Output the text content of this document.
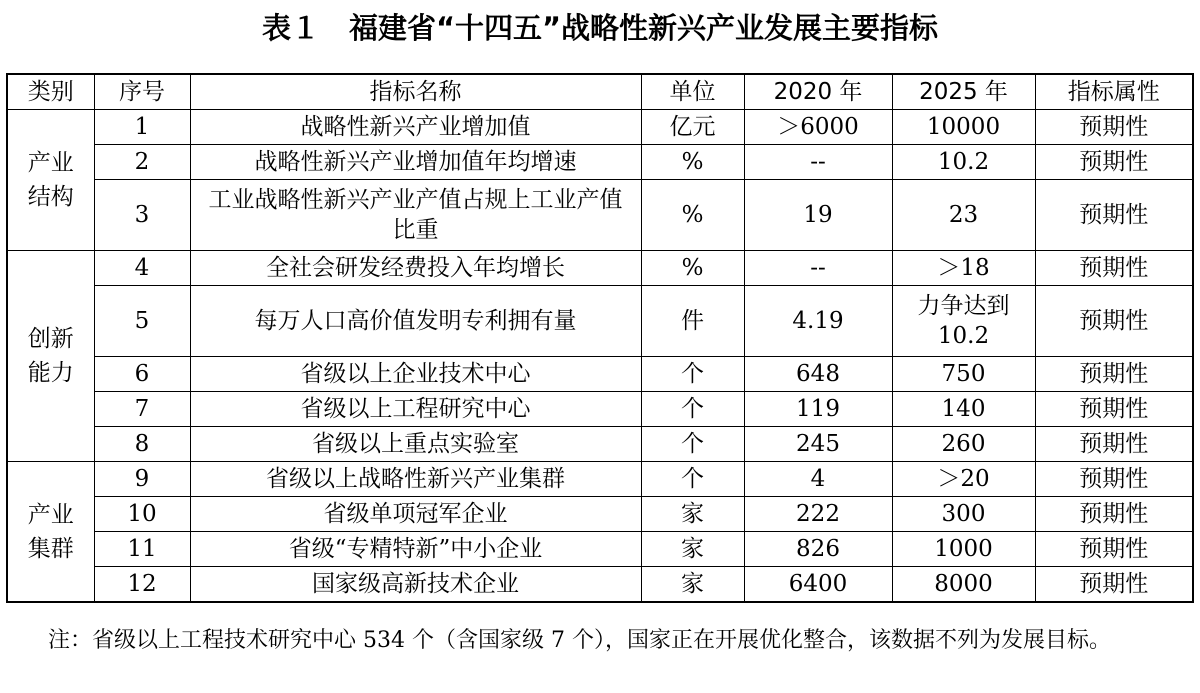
表１　福建省“十四五”战略性新兴产业发展主要指标
类别	序号	指标名称	单位	2020 年	2025 年	指标属性

产业
结构	1	战略性新兴产业增加值	亿元	＞6000	10000	预期性
	2	战略性新兴产业增加值年均增速	%	--	10.2	预期性
	3	工业战略性新兴产业产值占规上工业产值比重	%	19	23	预期性

创新
能力	4	全社会研发经费投入年均增长	%	--	＞18	预期性
	5	每万人口高价值发明专利拥有量	件	4.19	力争达到10.2	预期性
	6	省级以上企业技术中心	个	648	750	预期性
	7	省级以上工程研究中心	个	119	140	预期性
	8	省级以上重点实验室	个	245	260	预期性

产业
集群	9	省级以上战略性新兴产业集群	个	4	＞20	预期性
	10	省级单项冠军企业	家	222	300	预期性
	11	省级“专精特新”中小企业	家	826	1000	预期性
	12	国家级高新技术企业	家	6400	8000	预期性
注：省级以上工程技术研究中心 534 个（含国家级 7 个），国家正在开展优化整合，该数据不列为发展目标。
